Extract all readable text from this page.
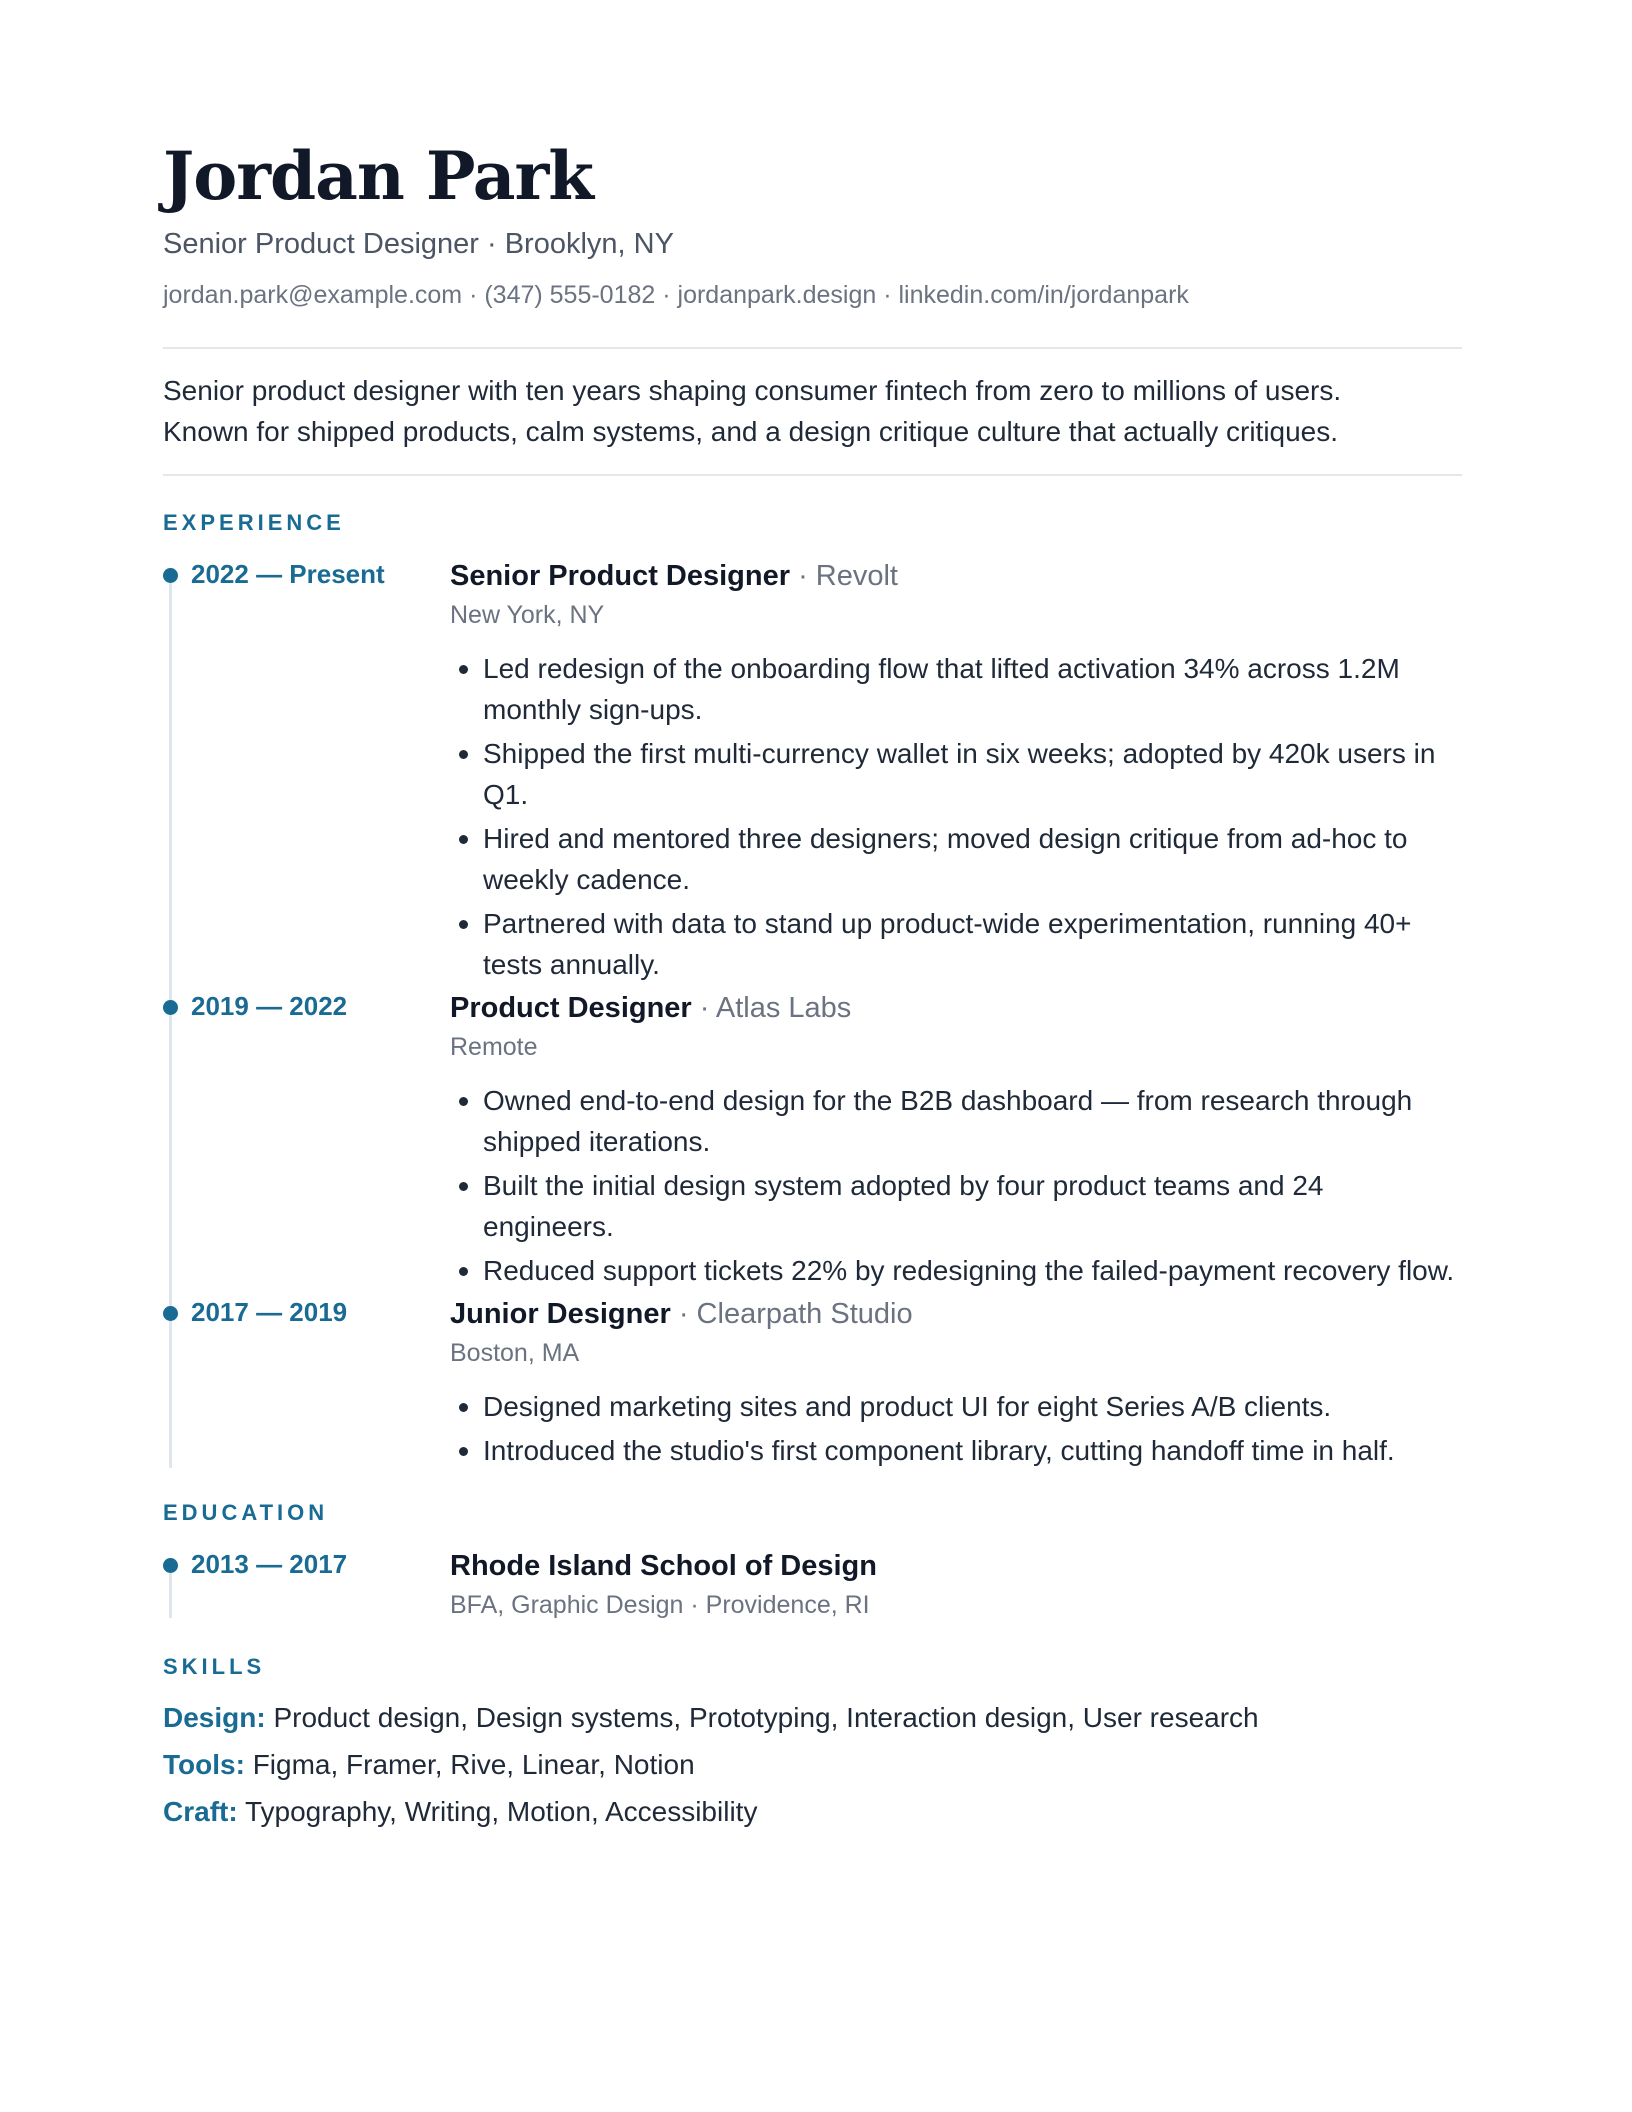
Jordan Park
Senior Product Designer · Brooklyn, NY
jordan.park@example.com · (347) 555-0182 · jordanpark.design · linkedin.com/in/jordanpark
Senior product designer with ten years shaping consumer fintech from zero to millions of users.
Known for shipped products, calm systems, and a design critique culture that actually critiques.
EXPERIENCE
2022 — Present	Senior Product Designer · Revolt
New York, NY
Led redesign of the onboarding flow that lifted activation 34% across 1.2M monthly sign-ups.
Shipped the first multi-currency wallet in six weeks; adopted by 420k users in Q1.
Hired and mentored three designers; moved design critique from ad-hoc to weekly cadence.
Partnered with data to stand up product-wide experimentation, running 40+ tests annually.
2019 — 2022	Product Designer · Atlas Labs
Remote
Owned end-to-end design for the B2B dashboard — from research through shipped iterations.
Built the initial design system adopted by four product teams and 24 engineers.
Reduced support tickets 22% by redesigning the failed-payment recovery flow.
2017 — 2019	Junior Designer · Clearpath Studio
Boston, MA
Designed marketing sites and product UI for eight Series A/B clients.
Introduced the studio's first component library, cutting handoff time in half.
EDUCATION
2013 — 2017	Rhode Island School of Design
BFA, Graphic Design · Providence, RI
SKILLS
Design: Product design, Design systems, Prototyping, Interaction design, User research
Tools: Figma, Framer, Rive, Linear, Notion
Craft: Typography, Writing, Motion, Accessibility
